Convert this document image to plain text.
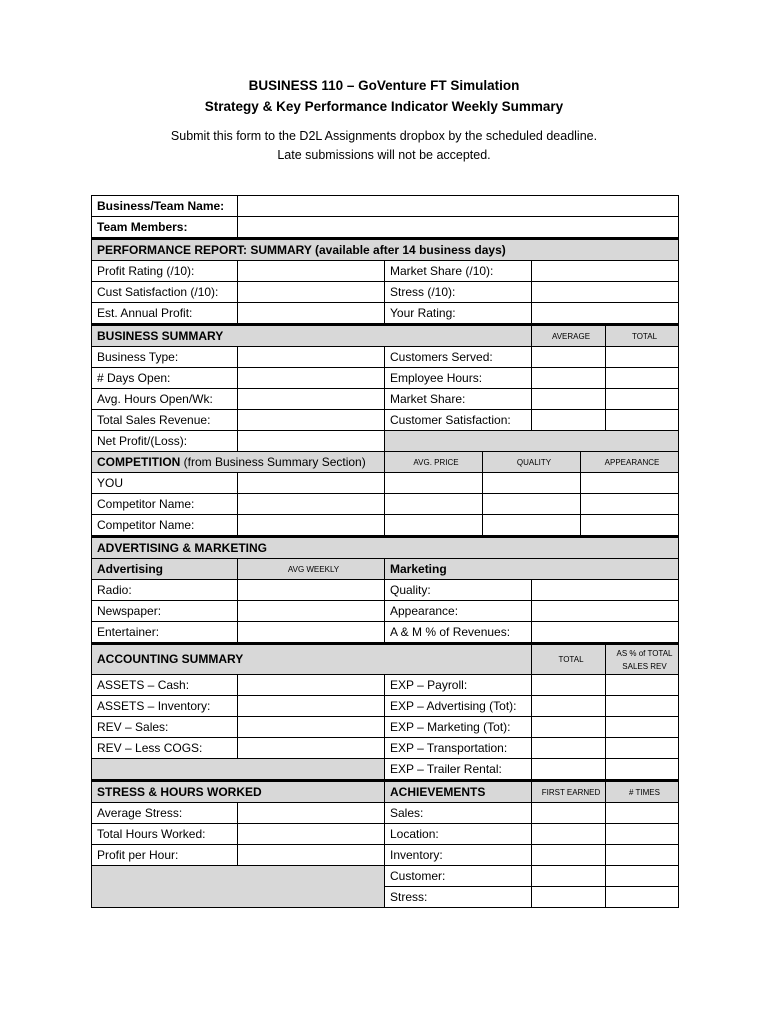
BUSINESS 110 – GoVenture FT Simulation
Strategy & Key Performance Indicator Weekly Summary
Submit this form to the D2L Assignments dropbox by the scheduled deadline.
Late submissions will not be accepted.
Business/Team Name:						
Team Members:						
PERFORMANCE REPORT: SUMMARY (available after 14 business days)						
Profit Rating (/10):		Market Share (/10):				
Cust Satisfaction (/10):		Stress (/10):				
Est. Annual Profit:		Your Rating:				
BUSINESS SUMMARY				AVERAGE		TOTAL
Business Type:		Customers Served:				
# Days Open:		Employee Hours:				
Avg. Hours Open/Wk:		Market Share:				
Total Sales Revenue:		Customer Satisfaction:				
Net Profit/(Loss):						
COMPETITION (from Business Summary Section)		AVG. PRICE	QUALITY		APPEARANCE	
YOU						
Competitor Name:						
Competitor Name:						
ADVERTISING & MARKETING						
Advertising	AVG WEEKLY	Marketing				
Radio:		Quality:				
Newspaper:		Appearance:				
Entertainer:		A & M % of Revenues:				
ACCOUNTING SUMMARY				TOTAL		AS % of TOTAL
SALES REV
ASSETS – Cash:		EXP – Payroll:				
ASSETS – Inventory:		EXP – Advertising (Tot):				
REV – Sales:		EXP – Marketing (Tot):				
REV – Less COGS:		EXP – Transportation:				
		EXP – Trailer Rental:				
STRESS & HOURS WORKED		ACHIEVEMENTS		FIRST EARNED		# TIMES
Average Stress:		Sales:				
Total Hours Worked:		Location:				
Profit per Hour:		Inventory:				
		Customer:				
		Stress:				
